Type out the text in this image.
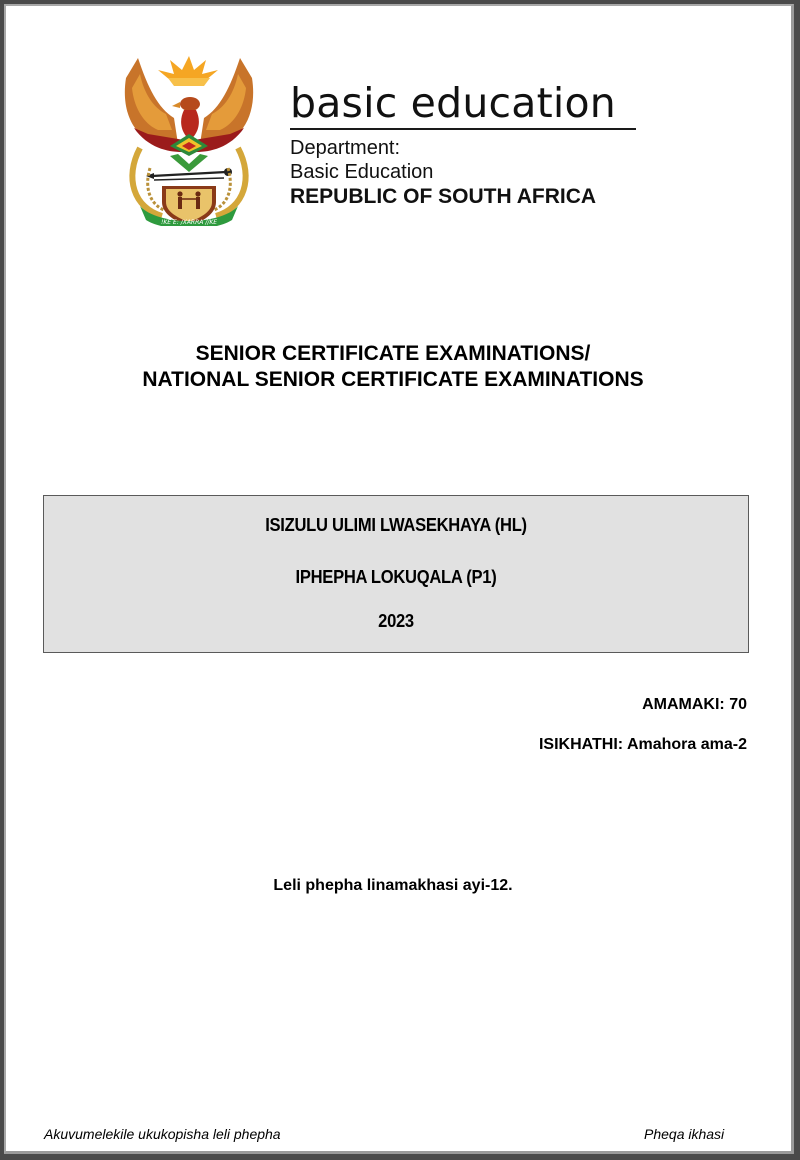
!KE E: /XARRA //KE
basic education
Department:
Basic Education
REPUBLIC OF SOUTH AFRICA
SENIOR CERTIFICATE EXAMINATIONS/
NATIONAL SENIOR CERTIFICATE EXAMINATIONS
ISIZULU ULIMI LWASEKHAYA (HL)
IPHEPHA LOKUQALA (P1)
2023
AMAMAKI: 70
ISIKHATHI: Amahora ama-2
Leli phepha linamakhasi ayi-12.
Akuvumelekile ukukopisha leli phepha	Pheqa ikhasi
